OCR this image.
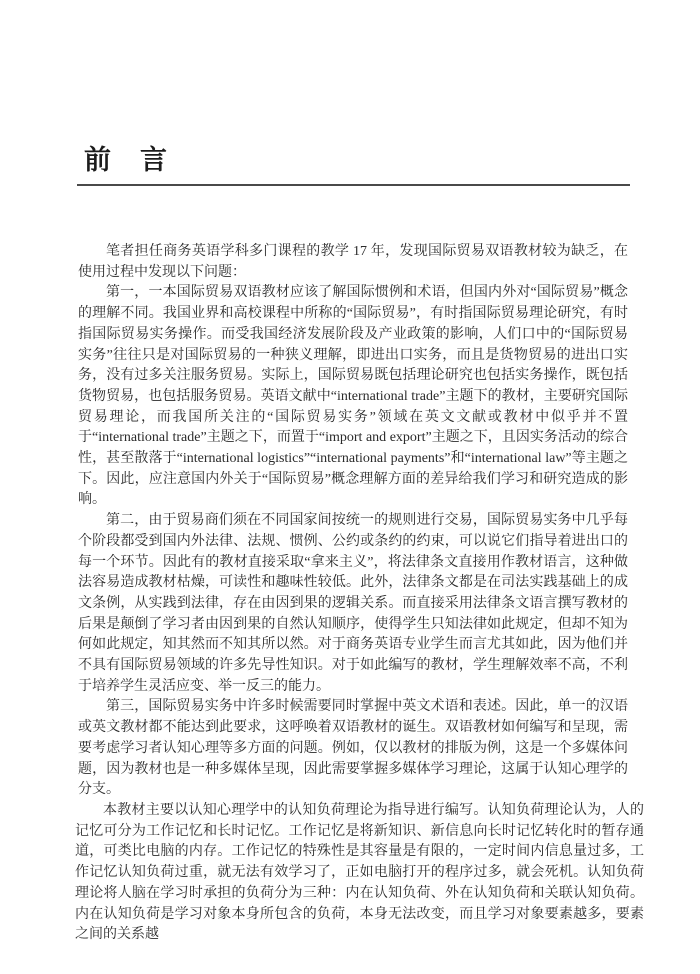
前　言

笔者担任商务英语学科多门课程的教学 17 年，发现国际贸易双语教材较为缺乏，在使用过程中发现以下问题：

第一，一本国际贸易双语教材应该了解国际惯例和术语，但国内外对“国际贸易”概念的理解不同。我国业界和高校课程中所称的“国际贸易”，有时指国际贸易理论研究，有时指国际贸易实务操作。而受我国经济发展阶段及产业政策的影响，人们口中的“国际贸易实务”往往只是对国际贸易的一种狭义理解，即进出口实务，而且是货物贸易的进出口实务，没有过多关注服务贸易。实际上，国际贸易既包括理论研究也包括实务操作，既包括货物贸易，也包括服务贸易。英语文献中“international trade”主题下的教材，主要研究国际贸易理论，而我国所关注的“国际贸易实务”领域在英文文献或教材中似乎并不置于“international trade”主题之下，而置于“import and export”主题之下，且因实务活动的综合性，甚至散落于“international logistics”“international payments”和“international law”等主题之下。因此，应注意国内外关于“国际贸易”概念理解方面的差异给我们学习和研究造成的影响。

第二，由于贸易商们须在不同国家间按统一的规则进行交易，国际贸易实务中几乎每个阶段都受到国内外法律、法规、惯例、公约或条约的约束，可以说它们指导着进出口的每一个环节。因此有的教材直接采取“拿来主义”，将法律条文直接用作教材语言，这种做法容易造成教材枯燥，可读性和趣味性较低。此外，法律条文都是在司法实践基础上的成文条例，从实践到法律，存在由因到果的逻辑关系。而直接采用法律条文语言撰写教材的后果是颠倒了学习者由因到果的自然认知顺序，使得学生只知法律如此规定，但却不知为何如此规定，知其然而不知其所以然。对于商务英语专业学生而言尤其如此，因为他们并不具有国际贸易领域的许多先导性知识。对于如此编写的教材，学生理解效率不高，不利于培养学生灵活应变、举一反三的能力。

第三，国际贸易实务中许多时候需要同时掌握中英文术语和表述。因此，单一的汉语或英文教材都不能达到此要求，这呼唤着双语教材的诞生。双语教材如何编写和呈现，需要考虑学习者认知心理等多方面的问题。例如，仅以教材的排版为例，这是一个多媒体问题，因为教材也是一种多媒体呈现，因此需要掌握多媒体学习理论，这属于认知心理学的分支。

本教材主要以认知心理学中的认知负荷理论为指导进行编写。认知负荷理论认为，人的记忆可分为工作记忆和长时记忆。工作记忆是将新知识、新信息向长时记忆转化时的暂存通道，可类比电脑的内存。工作记忆的特殊性是其容量是有限的，一定时间内信息量过多，工作记忆认知负荷过重，就无法有效学习了，正如电脑打开的程序过多，就会死机。认知负荷理论将人脑在学习时承担的负荷分为三种：内在认知负荷、外在认知负荷和关联认知负荷。内在认知负荷是学习对象本身所包含的负荷，本身无法改变，而且学习对象要素越多，要素之间的关系越
